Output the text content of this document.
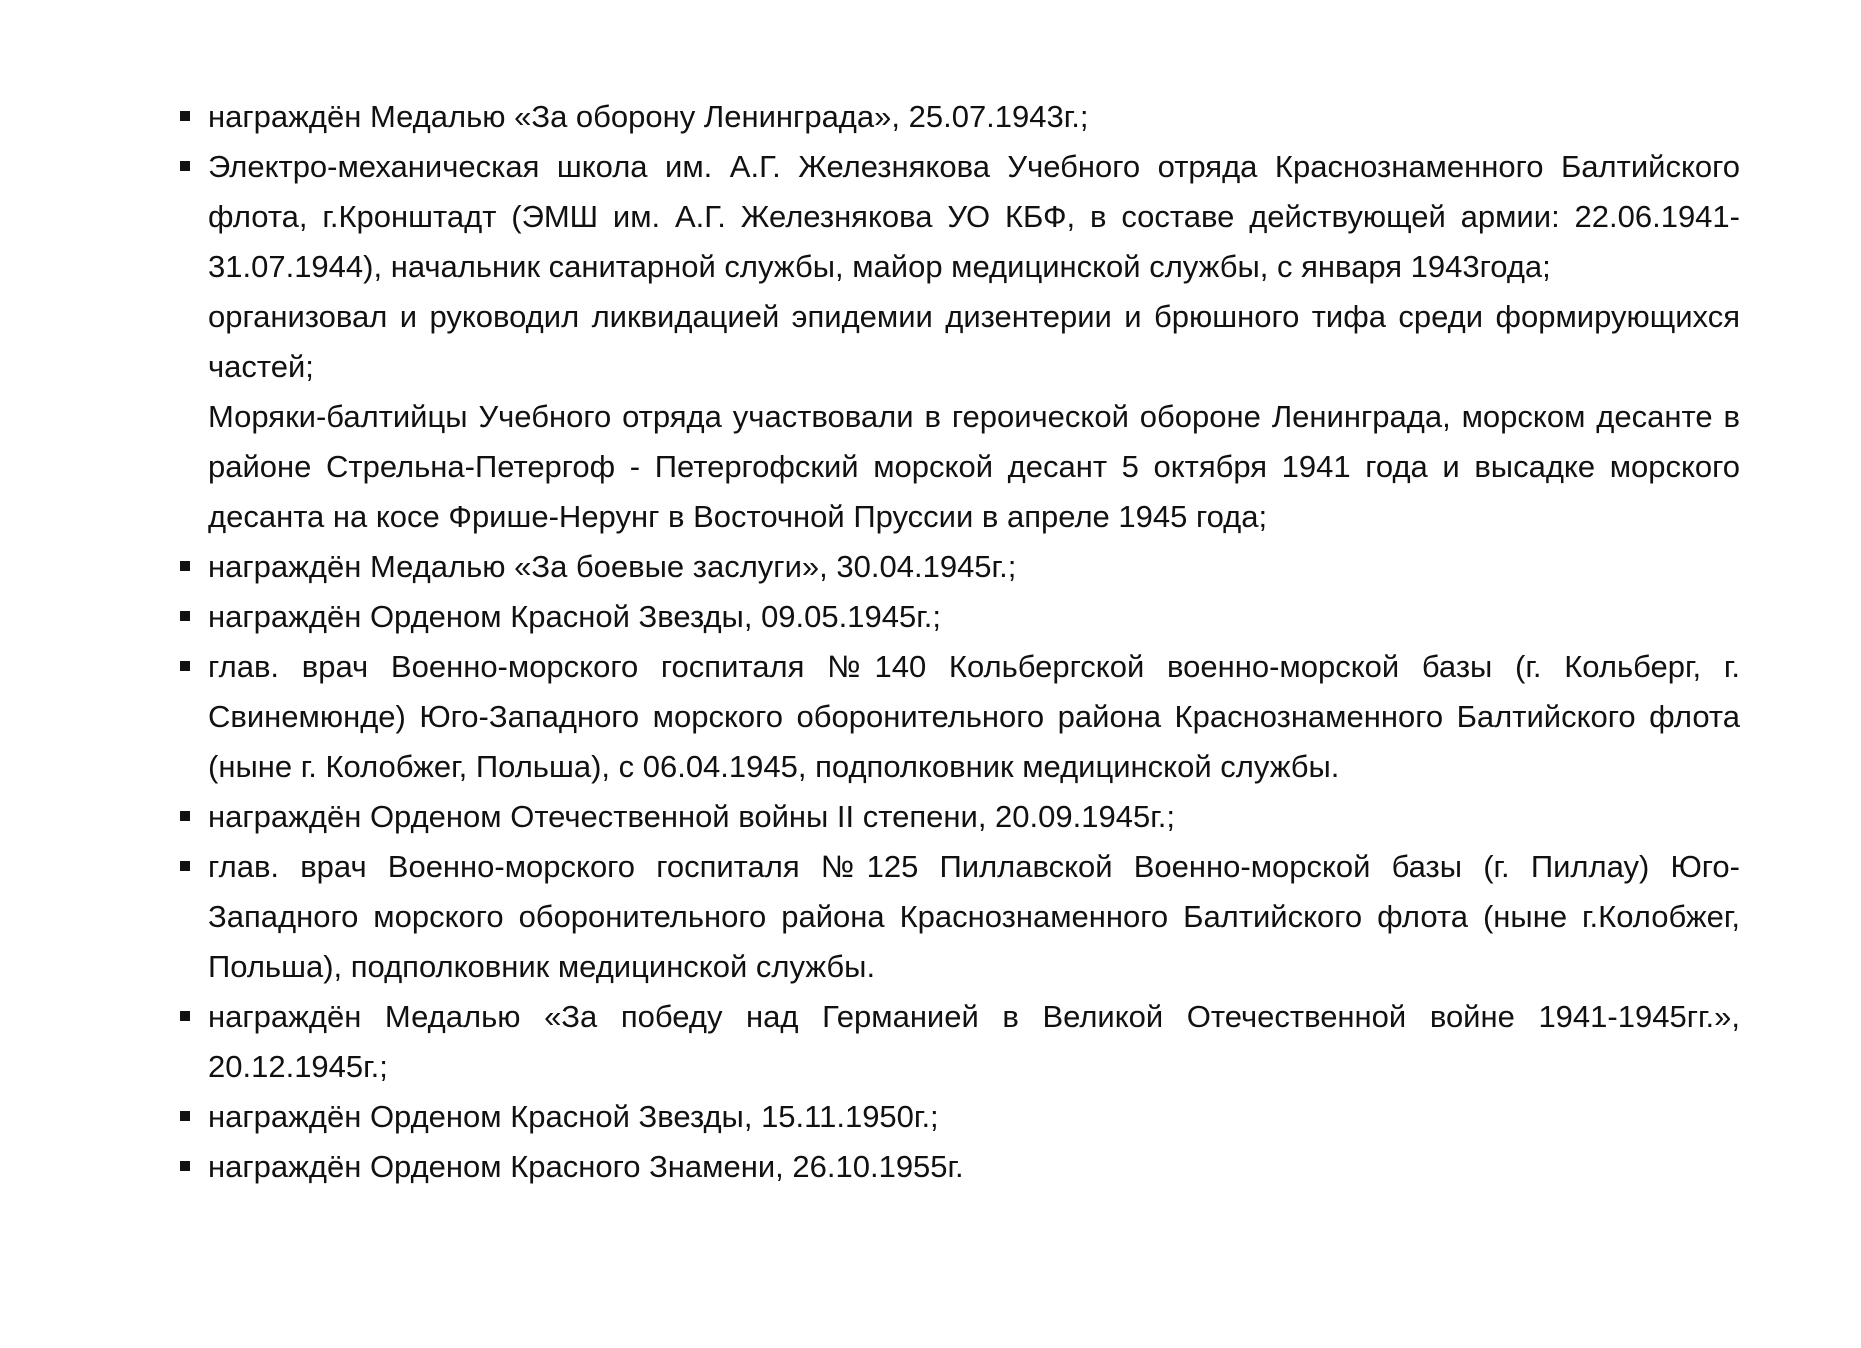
награждён Медалью «За оборону Ленинграда», 25.07.1943г.;

Электро-механическая школа им. А.Г. Железнякова Учебного отряда Краснознаменного Балтийского флота, г.Кронштадт (ЭМШ им. А.Г. Железнякова УО КБФ, в составе действующей армии: 22.06.1941-31.07.1944), начальник санитарной службы, майор медицинской службы, с января 1943года;

организовал и руководил ликвидацией эпидемии дизентерии и брюшного тифа среди формирующихся частей;

Моряки-балтийцы Учебного отряда участвовали в героической обороне Ленинграда, морском десанте в районе Стрельна-Петергоф - Петергофский морской десант 5 октября 1941 года и высадке морского десанта на косе Фрише-Нерунг в Восточной Пруссии в апреле 1945 года;

награждён Медалью «За боевые заслуги», 30.04.1945г.;

награждён Орденом Красной Звезды, 09.05.1945г.;

глав. врач Военно-морского госпиталя №140 Кольбергской военно-морской базы (г. Кольберг, г. Свинемюнде) Юго-Западного морского оборонительного района Краснознаменного Балтийского флота (ныне г. Колобжег, Польша), с 06.04.1945, подполковник медицинской службы.

награждён Орденом Отечественной войны II степени, 20.09.1945г.;

глав. врач Военно-морского госпиталя №125 Пиллавской Военно-морской базы (г. Пиллау) Юго-Западного морского оборонительного района Краснознаменного Балтийского флота (ныне г.Колобжег, Польша), подполковник медицинской службы.

награждён Медалью «За победу над Германией в Великой Отечественной войне 1941-1945гг.», 20.12.1945г.;

награждён Орденом Красной Звезды, 15.11.1950г.;

награждён Орденом Красного Знамени, 26.10.1955г.
